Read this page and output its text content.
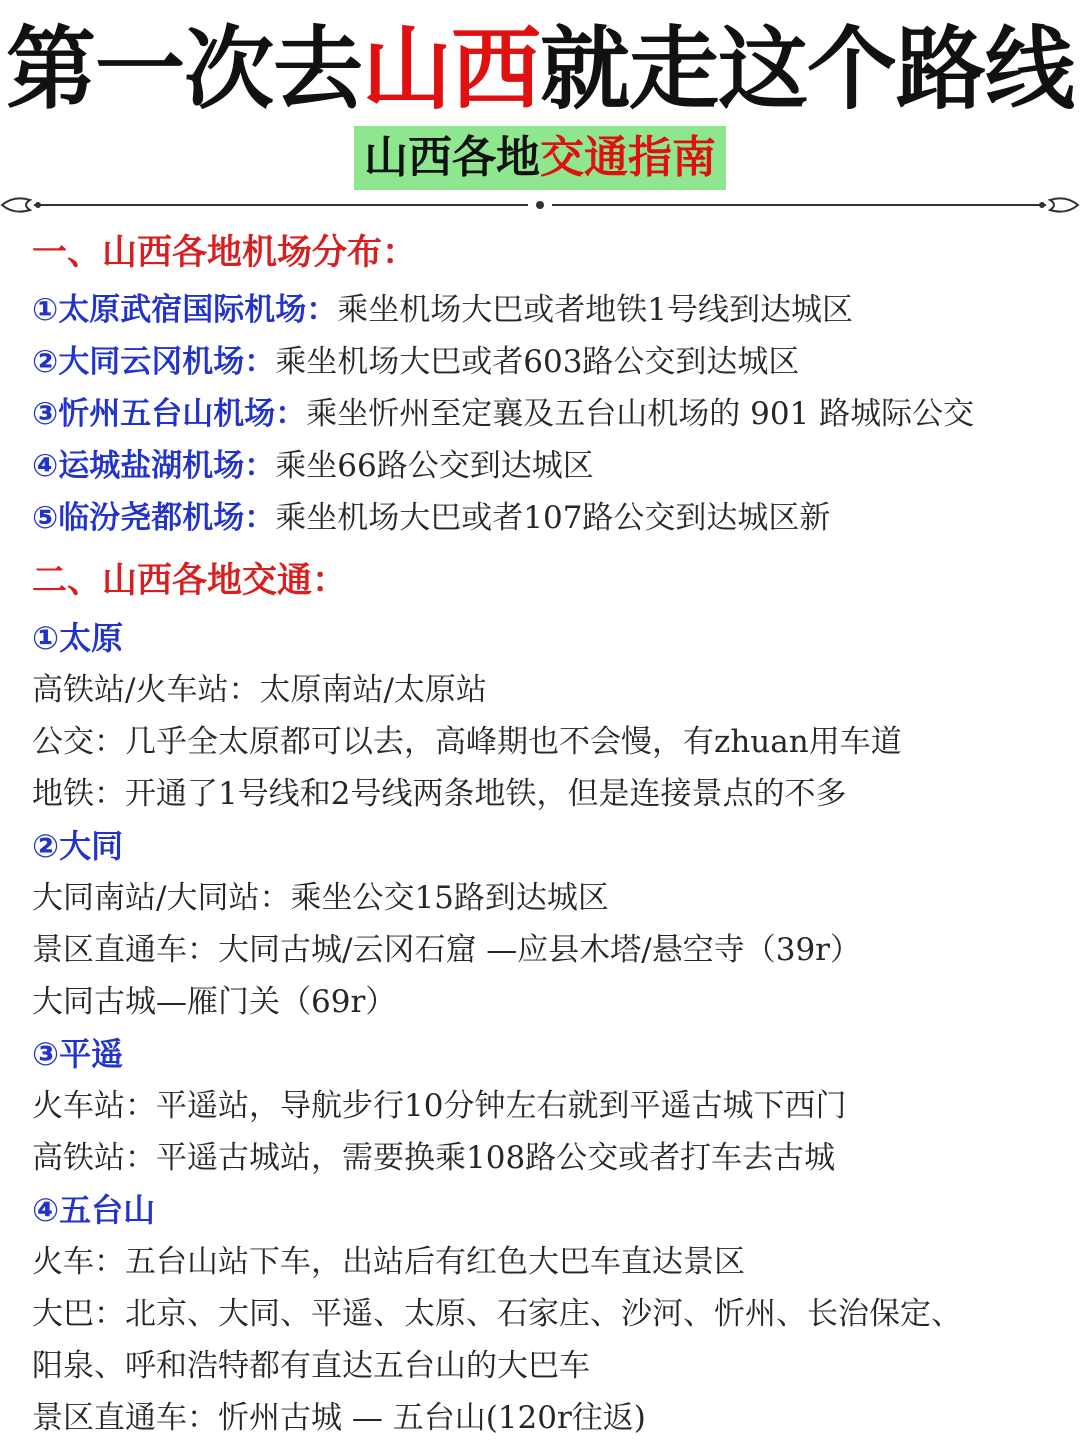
第一次去山西就走这个路线
山西各地交通指南
一、山西各地机场分布：
①太原武宿国际机场：乘坐机场大巴或者地铁1号线到达城区
②大同云冈机场：乘坐机场大巴或者603路公交到达城区
③忻州五台山机场：乘坐忻州至定襄及五台山机场的 901 路城际公交
④运城盐湖机场：乘坐66路公交到达城区
⑤临汾尧都机场：乘坐机场大巴或者107路公交到达城区新
二、山西各地交通：
①太原
高铁站/火车站：太原南站/太原站
公交：几乎全太原都可以去，高峰期也不会慢，有zhuan用车道
地铁：开通了1号线和2号线两条地铁，但是连接景点的不多
②大同
大同南站/大同站：乘坐公交15路到达城区
景区直通车：大同古城/云冈石窟 —应县木塔/悬空寺（39r）
大同古城—雁门关（69r）
③平遥
火车站：平遥站，导航步行10分钟左右就到平遥古城下西门
高铁站：平遥古城站，需要换乘108路公交或者打车去古城
④五台山
火车：五台山站下车，出站后有红色大巴车直达景区
大巴：北京、大同、平遥、太原、石家庄、沙河、忻州、长治保定、
阳泉、呼和浩特都有直达五台山的大巴车
景区直通车：忻州古城 — 五台山(120r往返)
